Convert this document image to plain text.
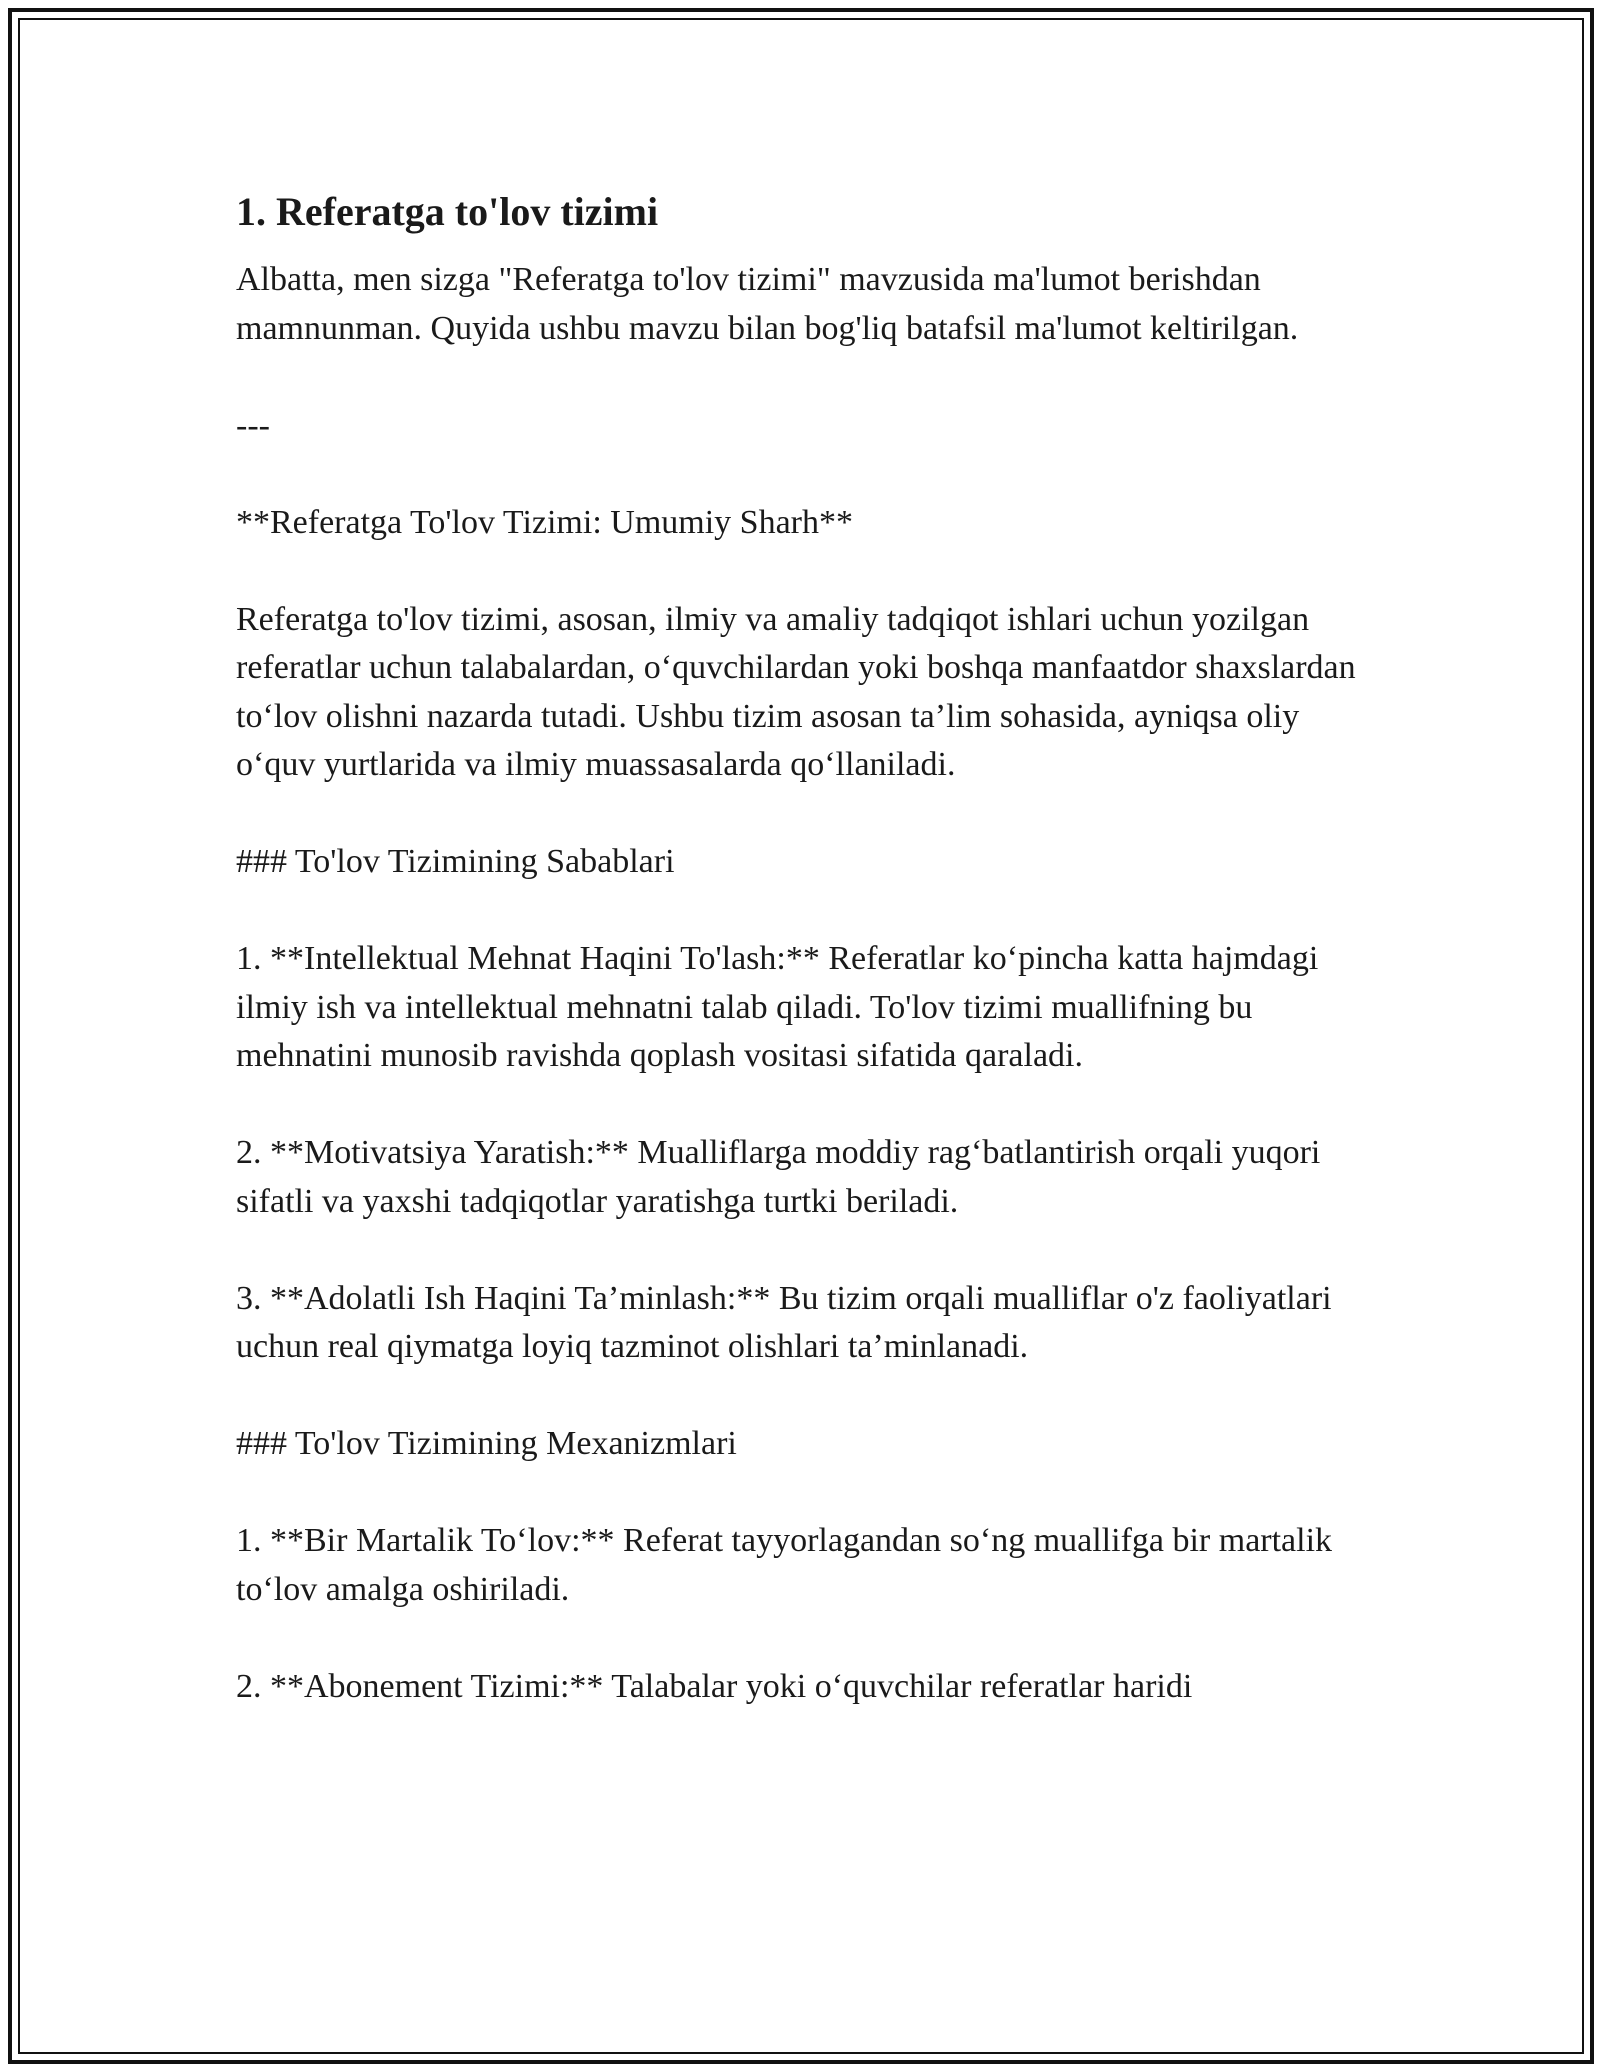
1. Referatga to'lov tizimi

Albatta, men sizga "Referatga to'lov tizimi" mavzusida ma'lumot berishdan mamnunman. Quyida ushbu mavzu bilan bog'liq batafsil ma'lumot keltirilgan.

---

**Referatga To'lov Tizimi: Umumiy Sharh**

Referatga to'lov tizimi, asosan, ilmiy va amaliy tadqiqot ishlari uchun yozilgan referatlar uchun talabalardan, o‘quvchilardan yoki boshqa manfaatdor shaxslardan to‘lov olishni nazarda tutadi. Ushbu tizim asosan ta’lim sohasida, ayniqsa oliy o‘quv yurtlarida va ilmiy muassasalarda qo‘llaniladi.

### To'lov Tizimining Sabablari

1. **Intellektual Mehnat Haqini To'lash:** Referatlar ko‘pincha katta hajmdagi ilmiy ish va intellektual mehnatni talab qiladi. To'lov tizimi muallifning bu mehnatini munosib ravishda qoplash vositasi sifatida qaraladi.

2. **Motivatsiya Yaratish:** Mualliflarga moddiy rag‘batlantirish orqali yuqori sifatli va yaxshi tadqiqotlar yaratishga turtki beriladi.

3. **Adolatli Ish Haqini Ta’minlash:** Bu tizim orqali mualliflar o'z faoliyatlari uchun real qiymatga loyiq tazminot olishlari ta’minlanadi.

### To'lov Tizimining Mexanizmlari

1. **Bir Martalik To‘lov:** Referat tayyorlagandan so‘ng muallifga bir martalik to‘lov amalga oshiriladi.

2. **Abonement Tizimi:** Talabalar yoki o‘quvchilar referatlar haridi
